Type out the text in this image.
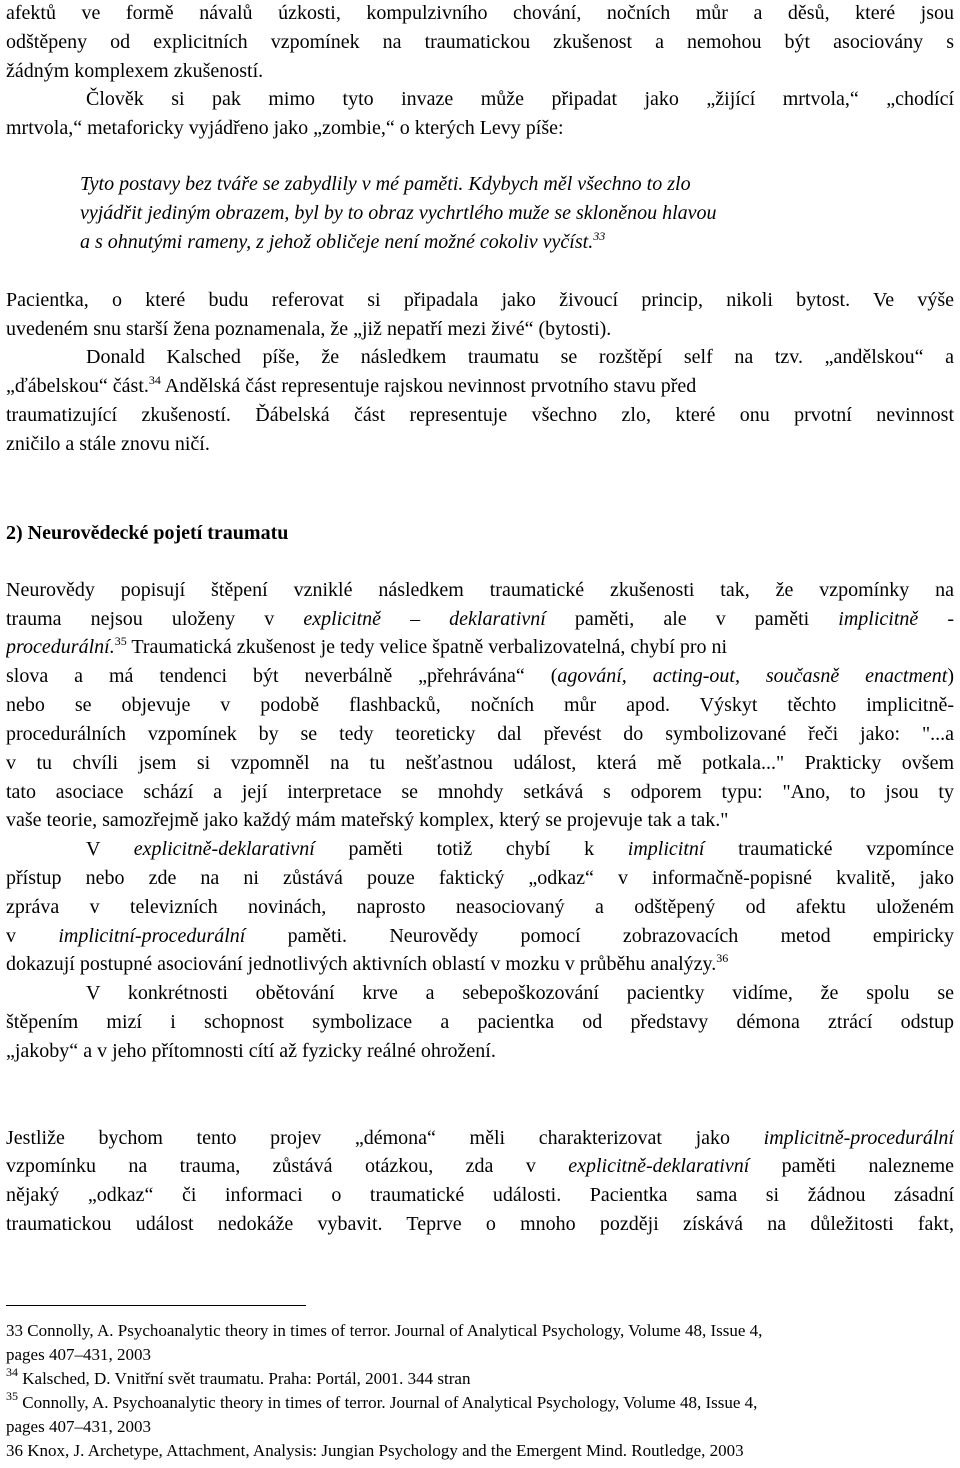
afektů ve formě návalů úzkosti, kompulzivního chování, nočních můr a děsů, které jsou
odštěpeny od explicitních vzpomínek na traumatickou zkušenost a nemohou být asociovány s
žádným komplexem zkušeností.
Člověk si pak mimo tyto invaze může připadat jako „žijící mrtvola,“ „chodící
mrtvola,“ metaforicky vyjádřeno jako „zombie,“ o kterých Levy píše:
Tyto postavy bez tváře se zabydlily v mé paměti. Kdybych měl všechno to zlo
vyjádřit jediným obrazem, byl by to obraz vychrtlého muže se skloněnou hlavou
a s ohnutými rameny, z jehož obličeje není možné cokoliv vyčíst.$^{33}$
Pacientka, o které budu referovat si připadala jako živoucí princip, nikoli bytost. Ve výše
uvedeném snu starší žena poznamenala, že „již nepatří mezi živé“ (bytosti).
Donald Kalsched píše, že následkem traumatu se rozštěpí self na tzv. „andělskou“ a
„ďábelskou“ část.$^{34}$ Andělská část representuje rajskou nevinnost prvotního stavu před
traumatizující zkušeností. Ďábelská část representuje všechno zlo, které onu prvotní nevinnost
zničilo a stále znovu ničí.
2) Neurovědecké pojetí traumatu
Neurovědy popisují štěpení vzniklé následkem traumatické zkušenosti tak, že vzpomínky na
trauma nejsou uloženy v explicitně – deklarativní paměti, ale v paměti implicitně -
procedurální.$^{35}$ Traumatická zkušenost je tedy velice špatně verbalizovatelná, chybí pro ni
slova a má tendenci být neverbálně „přehrávána“ (agování, acting-out, současně enactment)
nebo se objevuje v podobě flashbacků, nočních můr apod. Výskyt těchto implicitně-
procedurálních vzpomínek by se tedy teoreticky dal převést do symbolizované řeči jako: "...a
v tu chvíli jsem si vzpomněl na tu nešťastnou událost, která mě potkala..." Prakticky ovšem
tato asociace schází a její interpretace se mnohdy setkává s odporem typu: "Ano, to jsou ty
vaše teorie, samozřejmě jako každý mám mateřský komplex, který se projevuje tak a tak."
V explicitně-deklarativní paměti totiž chybí k implicitní traumatické vzpomínce
přístup nebo zde na ni zůstává pouze faktický „odkaz“ v informačně-popisné kvalitě, jako
zpráva v televizních novinách, naprosto neasociovaný a odštěpený od afektu uloženém
v implicitní-procedurální paměti. Neurovědy pomocí zobrazovacích metod empiricky
dokazují postupné asociování jednotlivých aktivních oblastí v mozku v průběhu analýzy.$^{36}$
V konkrétnosti obětování krve a sebepoškozování pacientky vidíme, že spolu se
štěpením mizí i schopnost symbolizace a pacientka od představy démona ztrácí odstup
„jakoby“ a v jeho přítomnosti cítí až fyzicky reálné ohrožení.
Jestliže bychom tento projev „démona“ měli charakterizovat jako implicitně-procedurální
vzpomínku na trauma, zůstává otázkou, zda v explicitně-deklarativní paměti nalezneme
nějaký „odkaz“ či informaci o traumatické události. Pacientka sama si žádnou zásadní
traumatickou událost nedokáže vybavit. Teprve o mnoho později získává na důležitosti fakt,
33 Connolly, A. Psychoanalytic theory in times of terror. Journal of Analytical Psychology, Volume 48, Issue 4,
pages 407–431, 2003
$^{34}$ Kalsched, D. Vnitřní svět traumatu. Praha: Portál, 2001. 344 stran
$^{35}$ Connolly, A. Psychoanalytic theory in times of terror. Journal of Analytical Psychology, Volume 48, Issue 4,
pages 407–431, 2003
36 Knox, J. Archetype, Attachment, Analysis: Jungian Psychology and the Emergent Mind. Routledge, 2003
